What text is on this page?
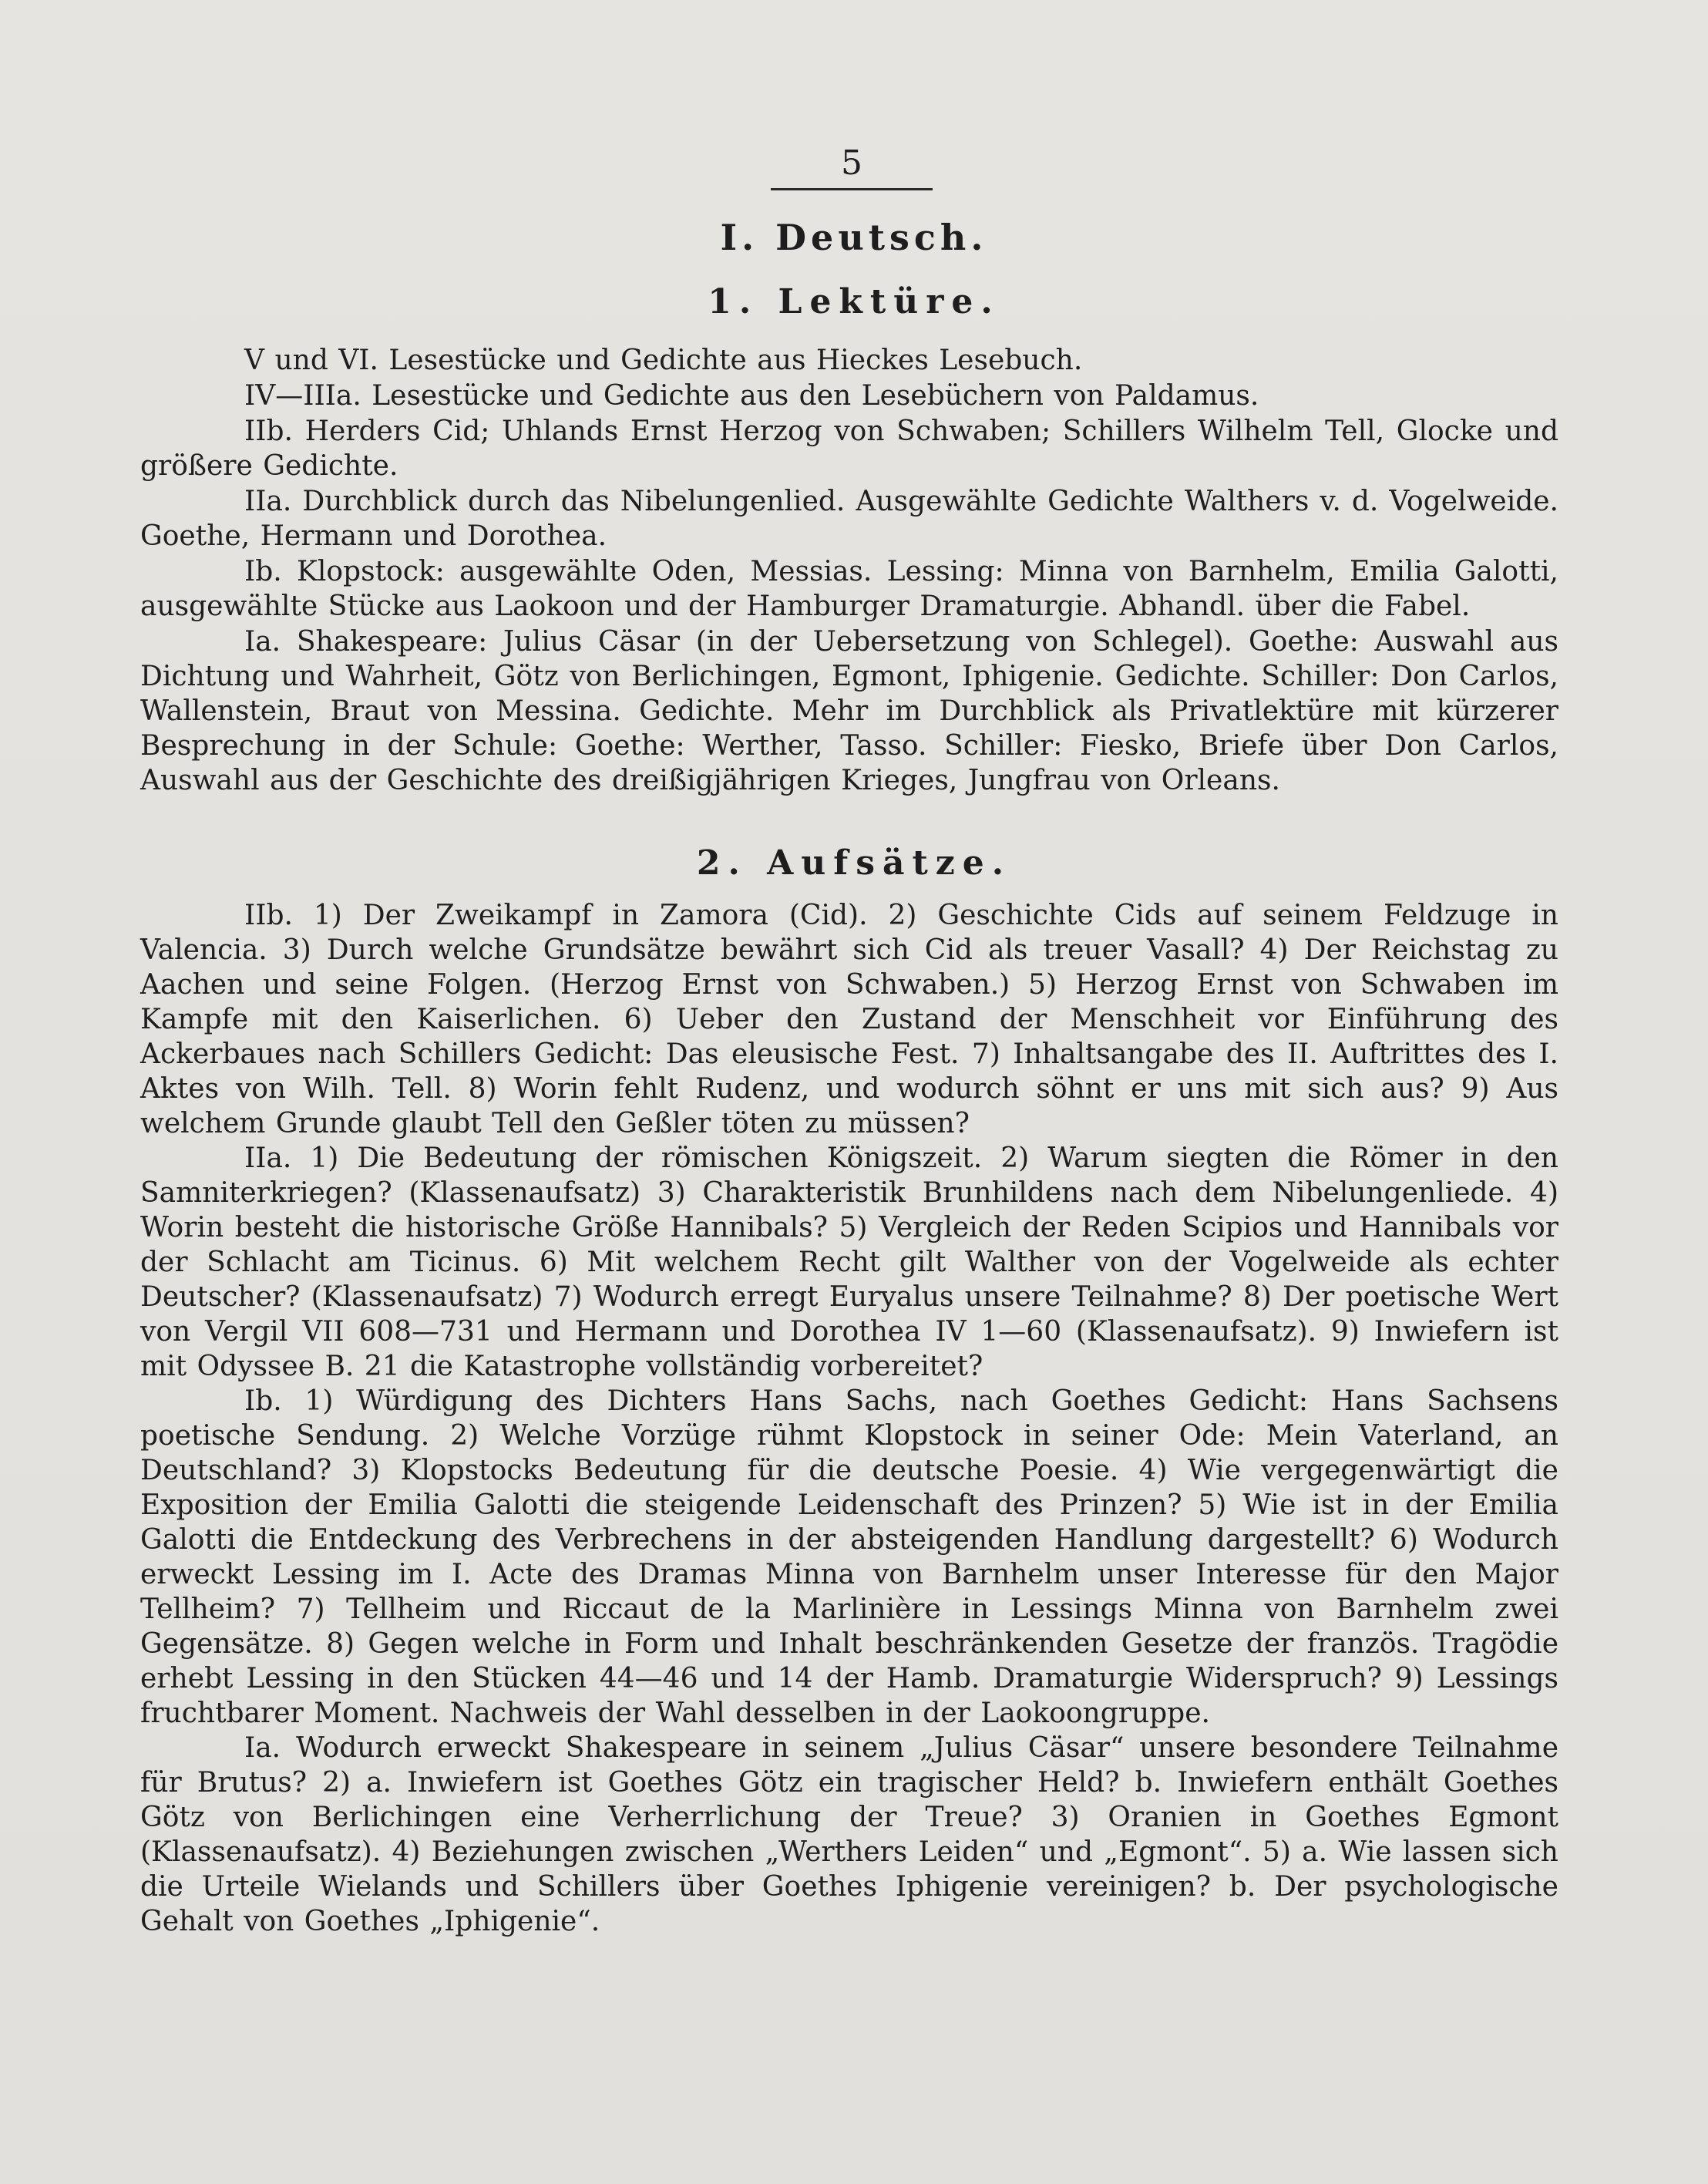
5
I. Deutsch.
1. Lektüre.

V und VI. Lesestücke und Gedichte aus Hieckes Lesebuch.

IV—IIIa. Lesestücke und Gedichte aus den Lesebüchern von Paldamus.

IIb. Herders Cid; Uhlands Ernst Herzog von Schwaben; Schillers Wilhelm Tell, Glocke und größere Gedichte.

IIa. Durchblick durch das Nibelungenlied. Ausgewählte Gedichte Walthers v. d. Vogelweide. Goethe, Hermann und Dorothea.

Ib. Klopstock: ausgewählte Oden, Messias. Lessing: Minna von Barnhelm, Emilia Galotti, ausgewählte Stücke aus Laokoon und der Hamburger Dramaturgie. Abhandl. über die Fabel.

Ia. Shakespeare: Julius Cäsar (in der Uebersetzung von Schlegel). Goethe: Auswahl aus Dichtung und Wahrheit, Götz von Berlichingen, Egmont, Iphigenie. Gedichte. Schiller: Don Carlos, Wallenstein, Braut von Messina. Gedichte. Mehr im Durchblick als Privatlektüre mit kürzerer Besprechung in der Schule: Goethe: Werther, Tasso. Schiller: Fiesko, Briefe über Don Carlos, Auswahl aus der Geschichte des dreißigjährigen Krieges, Jungfrau von Orleans.

2. Aufsätze.

IIb. 1) Der Zweikampf in Zamora (Cid). 2) Geschichte Cids auf seinem Feldzuge in Valencia. 3) Durch welche Grundsätze bewährt sich Cid als treuer Vasall? 4) Der Reichstag zu Aachen und seine Folgen. (Herzog Ernst von Schwaben.) 5) Herzog Ernst von Schwaben im Kampfe mit den Kaiserlichen. 6) Ueber den Zustand der Menschheit vor Einführung des Ackerbaues nach Schillers Gedicht: Das eleusische Fest. 7) Inhaltsangabe des II. Auftrittes des I. Aktes von Wilh. Tell. 8) Worin fehlt Rudenz, und wodurch söhnt er uns mit sich aus? 9) Aus welchem Grunde glaubt Tell den Geßler töten zu müssen?

IIa. 1) Die Bedeutung der römischen Königszeit. 2) Warum siegten die Römer in den Samniterkriegen? (Klassenaufsatz) 3) Charakteristik Brunhildens nach dem Nibelungenliede. 4) Worin besteht die historische Größe Hannibals? 5) Vergleich der Reden Scipios und Hannibals vor der Schlacht am Ticinus. 6) Mit welchem Recht gilt Walther von der Vogelweide als echter Deutscher? (Klassenaufsatz) 7) Wodurch erregt Euryalus unsere Teilnahme? 8) Der poetische Wert von Vergil VII 608—731 und Hermann und Dorothea IV 1—60 (Klassenaufsatz). 9) Inwiefern ist mit Odyssee B. 21 die Katastrophe vollständig vorbereitet?

Ib. 1) Würdigung des Dichters Hans Sachs, nach Goethes Gedicht: Hans Sachsens poetische Sendung. 2) Welche Vorzüge rühmt Klopstock in seiner Ode: Mein Vaterland, an Deutschland? 3) Klopstocks Bedeutung für die deutsche Poesie. 4) Wie vergegenwärtigt die Exposition der Emilia Galotti die steigende Leidenschaft des Prinzen? 5) Wie ist in der Emilia Galotti die Entdeckung des Verbrechens in der absteigenden Handlung dargestellt? 6) Wodurch erweckt Lessing im I. Acte des Dramas Minna von Barnhelm unser Interesse für den Major Tellheim? 7) Tellheim und Riccaut de la Marlinière in Lessings Minna von Barnhelm zwei Gegensätze. 8) Gegen welche in Form und Inhalt beschränkenden Gesetze der französ. Tragödie erhebt Lessing in den Stücken 44—46 und 14 der Hamb. Dramaturgie Widerspruch? 9) Lessings fruchtbarer Moment. Nachweis der Wahl desselben in der Laokoongruppe.

Ia. Wodurch erweckt Shakespeare in seinem „Julius Cäsar“ unsere besondere Teilnahme für Brutus? 2) a. Inwiefern ist Goethes Götz ein tragischer Held? b. Inwiefern enthält Goethes Götz von Berlichingen eine Verherrlichung der Treue? 3) Oranien in Goethes Egmont (Klassenaufsatz). 4) Beziehungen zwischen „Werthers Leiden“ und „Egmont“. 5) a. Wie lassen sich die Urteile Wielands und Schillers über Goethes Iphigenie vereinigen? b. Der psychologische Gehalt von Goethes „Iphigenie“.
